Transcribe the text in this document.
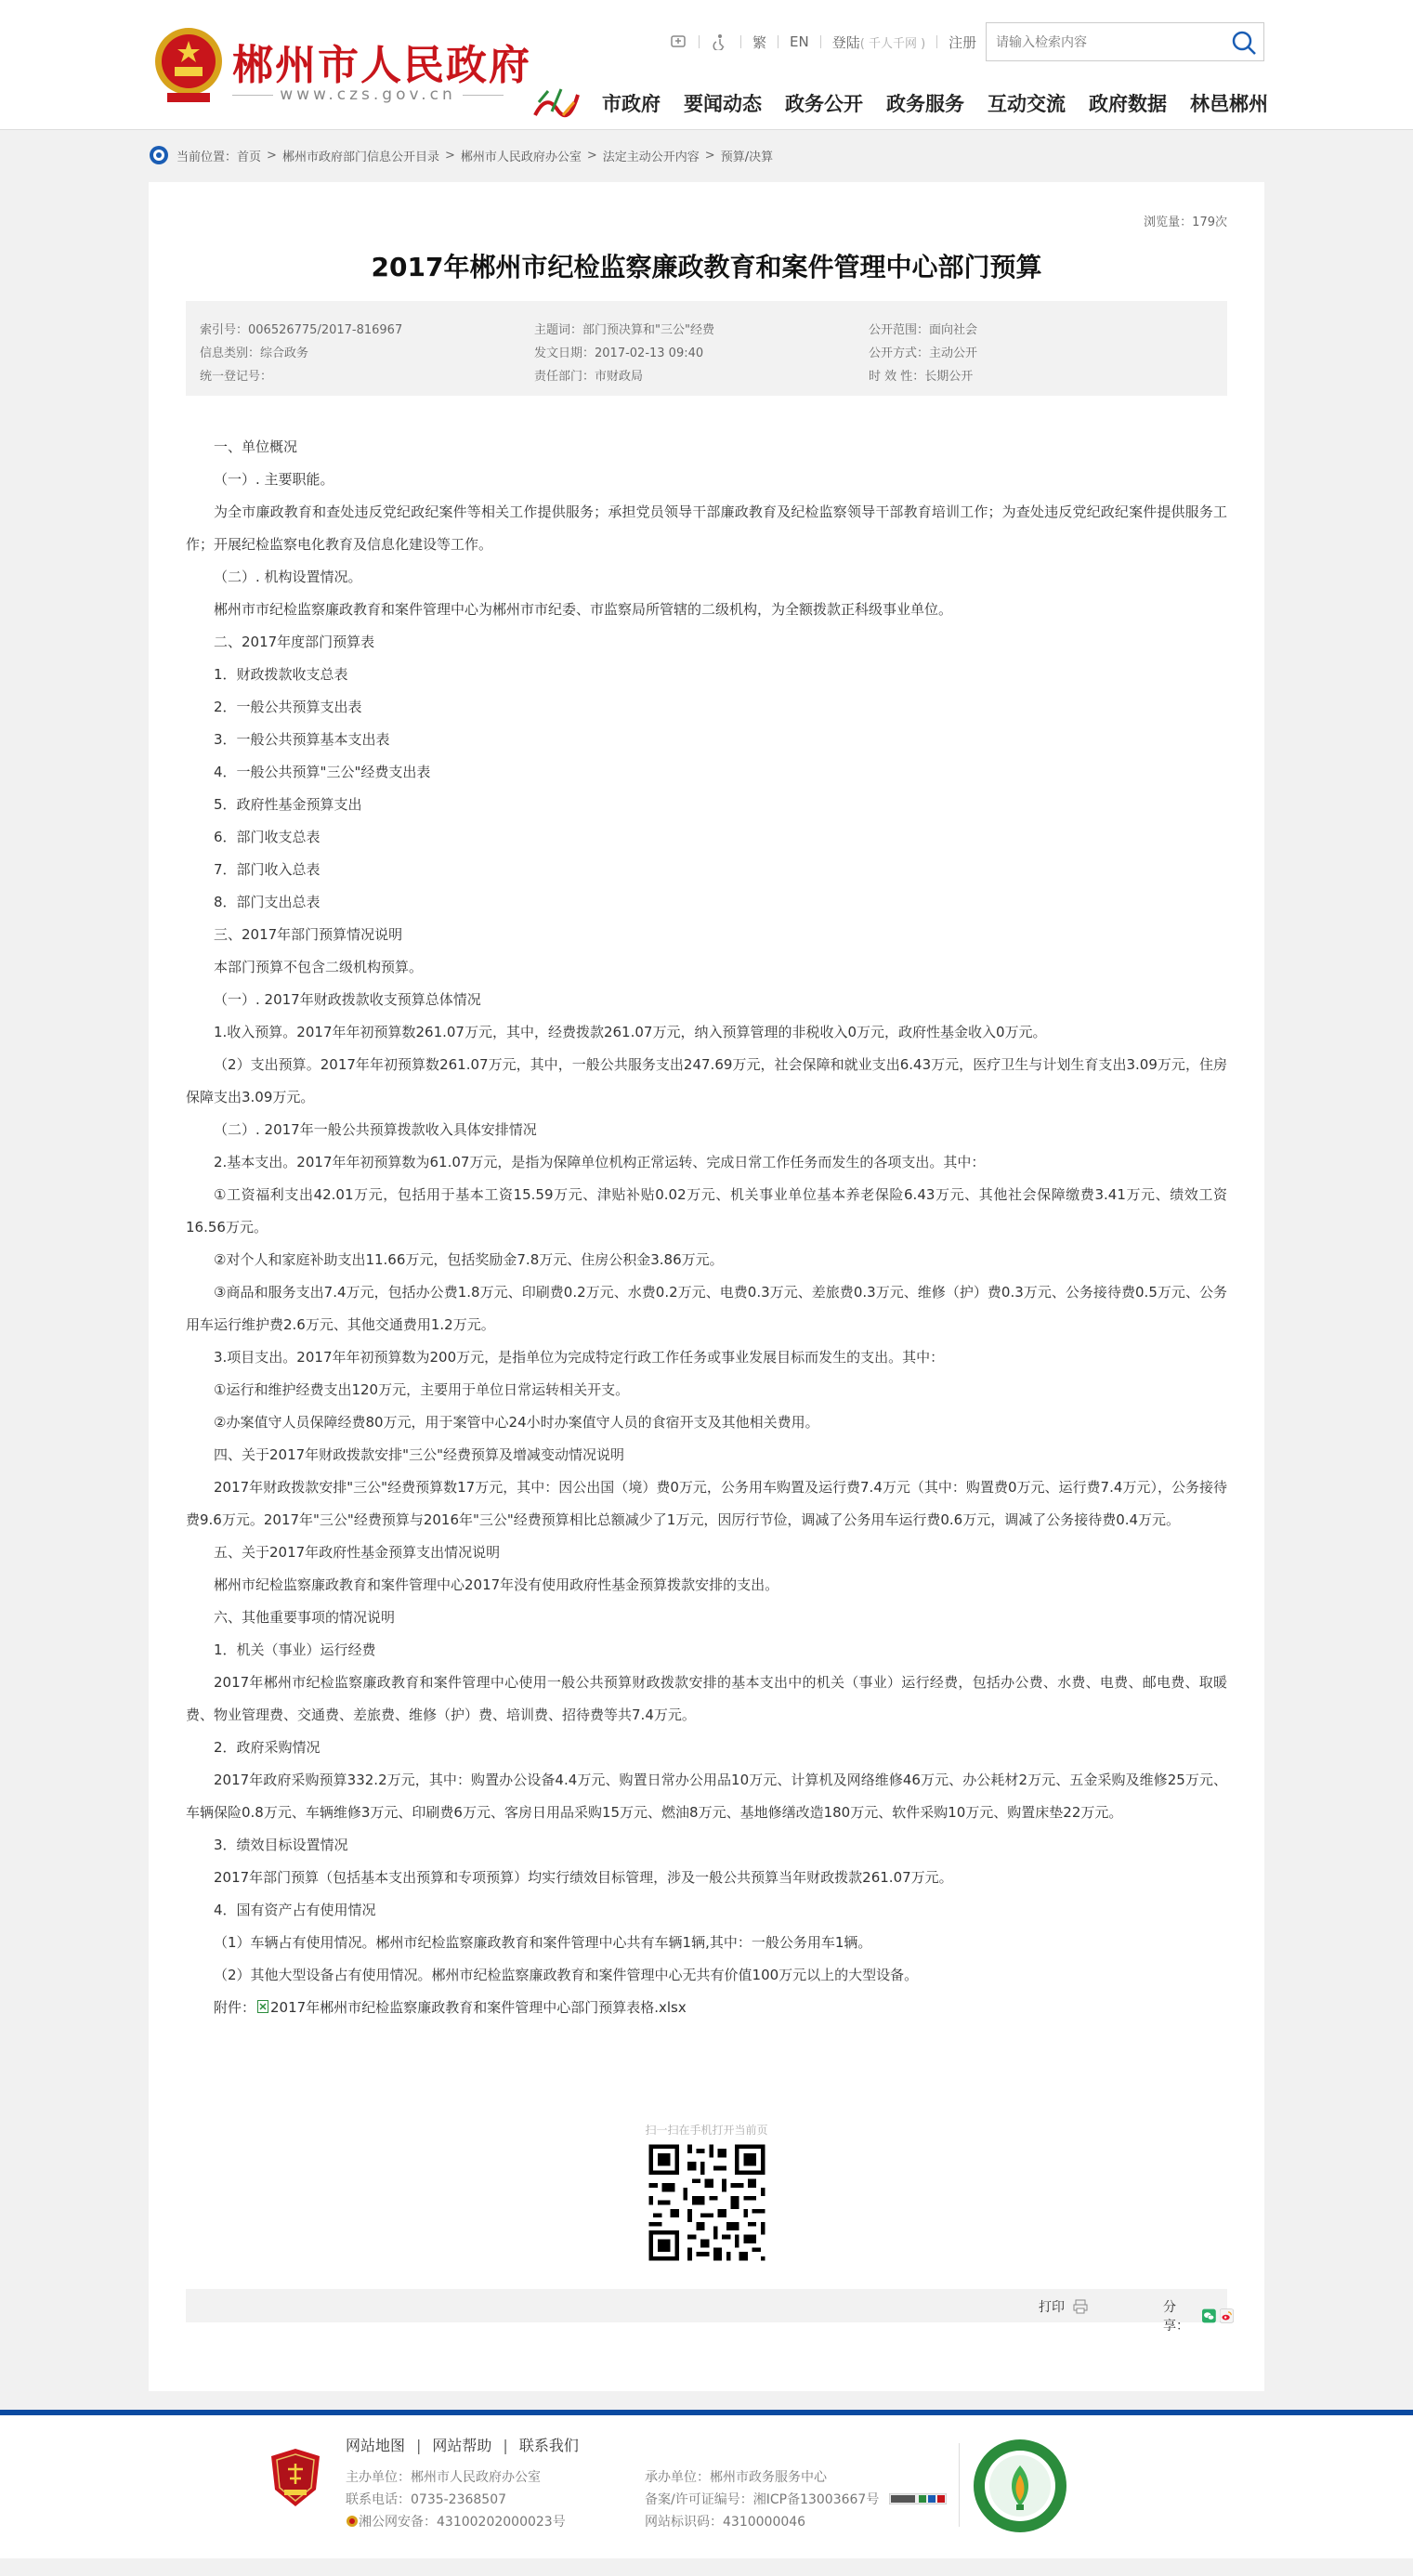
郴州市人民政府
www.czs.gov.cn
繁 EN 登陆 ( 千人千网 ) 注册
请输入检索内容
市政府 要闻动态 政务公开 政务服务 互动交流 政府数据 林邑郴州
当前位置： 首页 > 郴州市政府部门信息公开目录 > 郴州市人民政府办公室 > 法定主动公开内容 > 预算/决算
浏览量：179次
2017年郴州市纪检监察廉政教育和案件管理中心部门预算
索引号：006526775/2017-816967
信息类别：综合政务
统一登记号：
主题词：部门预决算和"三公"经费
发文日期：2017-02-13 09:40
责任部门：市财政局
公开范围：面向社会
公开方式：主动公开
时 效 性：长期公开

一、单位概况

（一）. 主要职能。

为全市廉政教育和查处违反党纪政纪案件等相关工作提供服务；承担党员领导干部廉政教育及纪检监察领导干部教育培训工作；为查处违反党纪政纪案件提供服务工作；开展纪检监察电化教育及信息化建设等工作。

（二）. 机构设置情况。

郴州市市纪检监察廉政教育和案件管理中心为郴州市市纪委、市监察局所管辖的二级机构，为全额拨款正科级事业单位。

二、2017年度部门预算表

1．财政拨款收支总表

2．一般公共预算支出表

3．一般公共预算基本支出表

4．一般公共预算"三公"经费支出表

5．政府性基金预算支出

6．部门收支总表

7．部门收入总表

8．部门支出总表

三、2017年部门预算情况说明

本部门预算不包含二级机构预算。

（一）. 2017年财政拨款收支预算总体情况

1.收入预算。2017年年初预算数261.07万元，其中，经费拨款261.07万元，纳入预算管理的非税收入0万元，政府性基金收入0万元。

（2）支出预算。2017年年初预算数261.07万元，其中，一般公共服务支出247.69万元，社会保障和就业支出6.43万元，医疗卫生与计划生育支出3.09万元，住房保障支出3.09万元。

（二）. 2017年一般公共预算拨款收入具体安排情况

2.基本支出。2017年年初预算数为61.07万元，是指为保障单位机构正常运转、完成日常工作任务而发生的各项支出。其中：

①工资福利支出42.01万元，包括用于基本工资15.59万元、津贴补贴0.02万元、机关事业单位基本养老保险6.43万元、其他社会保障缴费3.41万元、绩效工资16.56万元。

②对个人和家庭补助支出11.66万元，包括奖励金7.8万元、住房公积金3.86万元。

③商品和服务支出7.4万元，包括办公费1.8万元、印刷费0.2万元、水费0.2万元、电费0.3万元、差旅费0.3万元、维修（护）费0.3万元、公务接待费0.5万元、公务用车运行维护费2.6万元、其他交通费用1.2万元。

3.项目支出。2017年年初预算数为200万元，是指单位为完成特定行政工作任务或事业发展目标而发生的支出。其中：

①运行和维护经费支出120万元，主要用于单位日常运转相关开支。

②办案值守人员保障经费80万元，用于案管中心24小时办案值守人员的食宿开支及其他相关费用。

四、关于2017年财政拨款安排"三公"经费预算及增减变动情况说明

2017年财政拨款安排"三公"经费预算数17万元，其中：因公出国（境）费0万元，公务用车购置及运行费7.4万元（其中：购置费0万元、运行费7.4万元），公务接待费9.6万元。2017年"三公"经费预算与2016年"三公"经费预算相比总额减少了1万元，因厉行节俭，调减了公务用车运行费0.6万元，调减了公务接待费0.4万元。

五、关于2017年政府性基金预算支出情况说明

郴州市纪检监察廉政教育和案件管理中心2017年没有使用政府性基金预算拨款安排的支出。

六、其他重要事项的情况说明

1．机关（事业）运行经费

2017年郴州市纪检监察廉政教育和案件管理中心使用一般公共预算财政拨款安排的基本支出中的机关（事业）运行经费，包括办公费、水费、电费、邮电费、取暖费、物业管理费、交通费、差旅费、维修（护）费、培训费、招待费等共7.4万元。

2．政府采购情况

2017年政府采购预算332.2万元，其中：购置办公设备4.4万元、购置日常办公用品10万元、计算机及网络维修46万元、办公耗材2万元、五金采购及维修25万元、车辆保险0.8万元、车辆维修3万元、印刷费6万元、客房日用品采购15万元、燃油8万元、基地修缮改造180万元、软件采购10万元、购置床垫22万元。

3．绩效目标设置情况

2017年部门预算（包括基本支出预算和专项预算）均实行绩效目标管理，涉及一般公共预算当年财政拨款261.07万元。

4．国有资产占有使用情况

（1）车辆占有使用情况。郴州市纪检监察廉政教育和案件管理中心共有车辆1辆,其中：一般公务用车1辆。

（2）其他大型设备占有使用情况。郴州市纪检监察廉政教育和案件管理中心无共有价值100万元以上的大型设备。

附件： 2017年郴州市纪检监察廉政教育和案件管理中心部门预算表格.xlsx

扫一扫在手机打开当前页
打印	分享：
网站地图 | 网站帮助 | 联系我们
主办单位：郴州市人民政府办公室
联系电话：0735-2368507
湘公网安备：43100202000023号
承办单位：郴州市政务服务中心
备案/许可证编号：湘ICP备13003667号
网站标识码：4310000046
